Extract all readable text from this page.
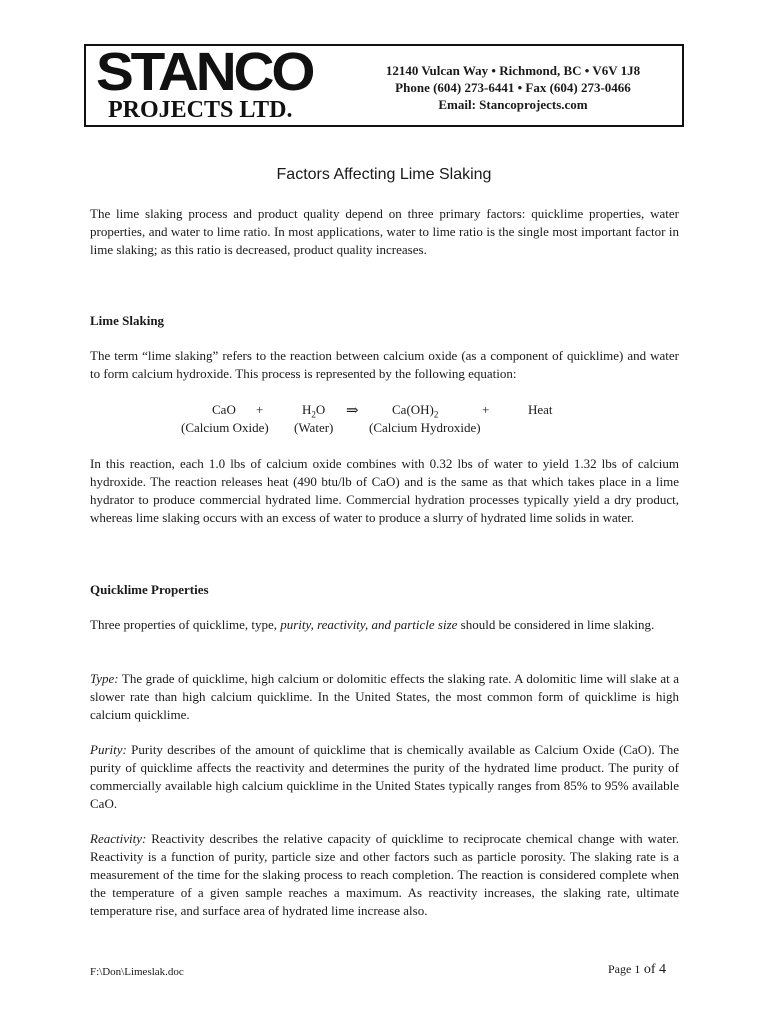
STANCO
PROJECTS LTD.
12140 Vulcan Way • Richmond, BC • V6V 1J8
Phone (604) 273-6441 • Fax (604) 273-0466
Email: Stancoprojects.com
Factors Affecting Lime Slaking
The lime slaking process and product quality depend on three primary factors: quicklime properties, water properties, and water to lime ratio. In most applications, water to lime ratio is the single most important factor in lime slaking; as this ratio is decreased, product quality increases.
Lime Slaking
The term “lime slaking” refers to the reaction between calcium oxide (as a component of quicklime) and water to form calcium hydroxide. This process is represented by the following equation:
CaO +	$H_2O$ ⇒	$Ca(OH)_2$	+	Heat
(Calcium Oxide) (Water)	(Calcium Hydroxide)
In this reaction, each 1.0 lbs of calcium oxide combines with 0.32 lbs of water to yield 1.32 lbs of calcium hydroxide. The reaction releases heat (490 btu/lb of CaO) and is the same as that which takes place in a lime hydrator to produce commercial hydrated lime. Commercial hydration processes typically yield a dry product, whereas lime slaking occurs with an excess of water to produce a slurry of hydrated lime solids in water.
Quicklime Properties
Three properties of quicklime, type, purity, reactivity, and particle size should be considered in lime slaking.
Type: The grade of quicklime, high calcium or dolomitic effects the slaking rate. A dolomitic lime will slake at a slower rate than high calcium quicklime. In the United States, the most common form of quicklime is high calcium quicklime.
Purity: Purity describes of the amount of quicklime that is chemically available as Calcium Oxide (CaO). The purity of quicklime affects the reactivity and determines the purity of the hydrated lime product. The purity of commercially available high calcium quicklime in the United States typically ranges from 85% to 95% available CaO.
Reactivity: Reactivity describes the relative capacity of quicklime to reciprocate chemical change with water. Reactivity is a function of purity, particle size and other factors such as particle porosity. The slaking rate is a measurement of the time for the slaking process to reach completion. The reaction is considered complete when the temperature of a given sample reaches a maximum. As reactivity increases, the slaking rate, ultimate temperature rise, and surface area of hydrated lime increase also.
F:\Don\Limeslak.doc	Page 1 of 4
